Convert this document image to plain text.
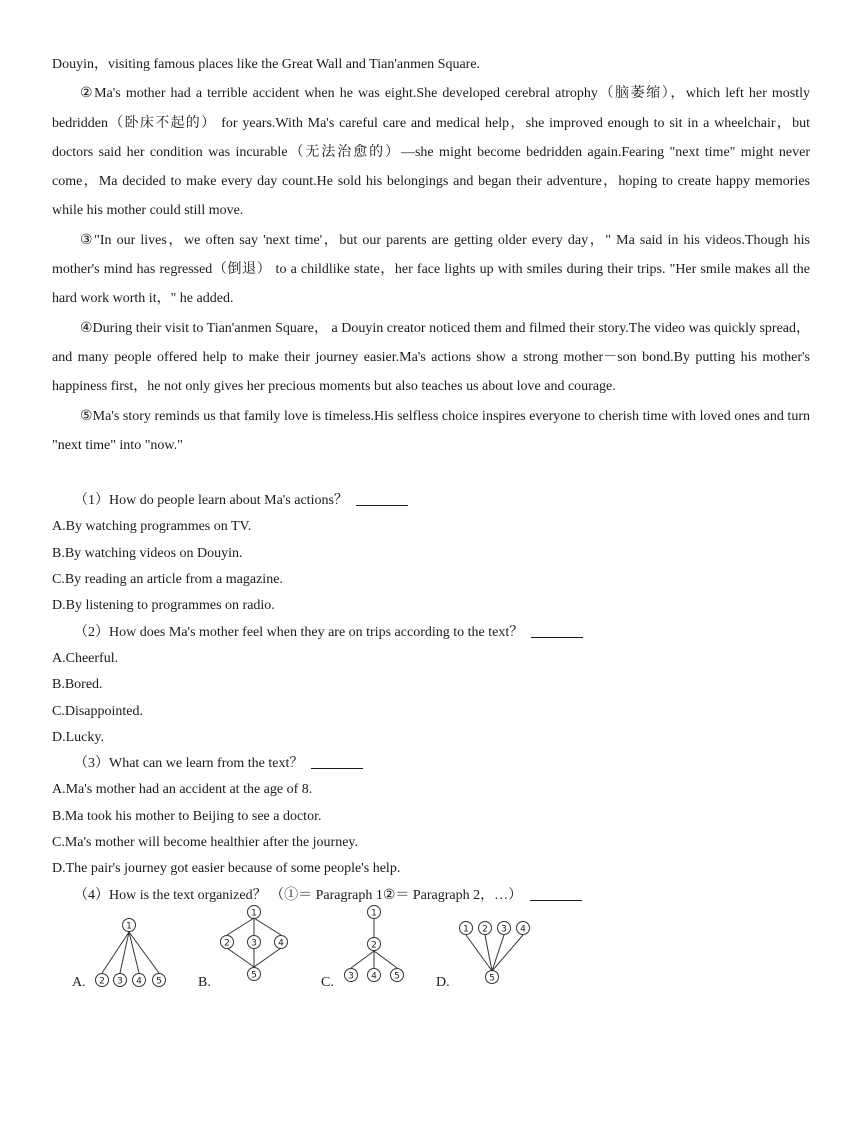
Douyin，visiting famous places like the Great Wall and Tian'anmen Square.

②Ma's mother had a terrible accident when he was eight.She developed cerebral atrophy（脑萎缩），which left her mostly bedridden（卧床不起的） for years.With Ma's careful care and medical help，she improved enough to sit in a wheelchair，but doctors said her condition was incurable（无法治愈的）—she might become bedridden again.Fearing "next time" might never come，Ma decided to make every day count.He sold his belongings and began their adventure，hoping to create happy memories while his mother could still move.

③"In our lives，we often say 'next time'，but our parents are getting older every day，" Ma said in his videos.Though his mother's mind has regressed（倒退） to a childlike state，her face lights up with smiles during their trips. "Her smile makes all the hard work worth it，" he added.

④During their visit to Tian'anmen Square， a Douyin creator noticed them and filmed their story.The video was quickly spread， and many people offered help to make their journey easier.Ma's actions show a strong mother－son bond.By putting his mother's happiness first，he not only gives her precious moments but also teaches us about love and courage.

⑤Ma's story reminds us that family love is timeless.His selfless choice inspires everyone to cherish time with loved ones and turn "next time" into "now."

（1）How do people learn about Ma's actions？

A.By watching programmes on TV.

B.By watching videos on Douyin.

C.By reading an article from a magazine.

D.By listening to programmes on radio.

（2）How does Ma's mother feel when they are on trips according to the text？

A.Cheerful.

B.Bored.

C.Disappointed.

D.Lucky.

（3）What can we learn from the text？

A.Ma's mother had an accident at the age of 8.

B.Ma took his mother to Beijing to see a doctor.

C.Ma's mother will become healthier after the journey.

D.The pair's journey got easier because of some people's help.

（4）How is the text organized？ （①＝ Paragraph 1②＝ Paragraph 2，…）

A.
1
2 3 4 5	B.
1
2 3 4
5	C.
1
2
3 4 5	D.
1 2 3 4
5
